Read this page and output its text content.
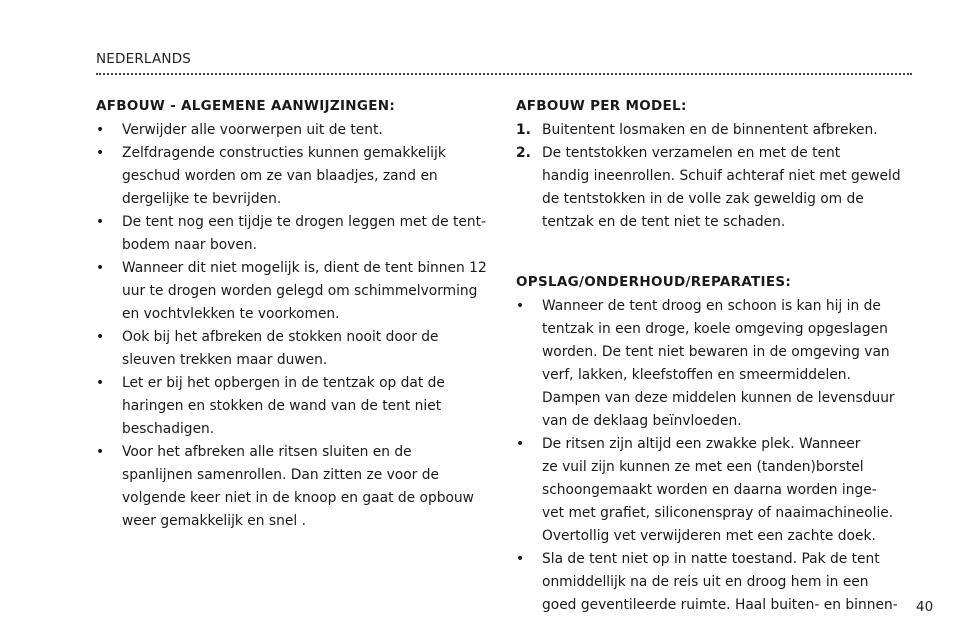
NEDERLANDS
AFBOUW - ALGEMENE AANWIJZINGEN:
• Verwijder alle voorwerpen uit de tent.
• Zelfdragende constructies kunnen gemakkelijk
geschud worden om ze van blaadjes, zand en
dergelijke te bevrijden.
• De tent nog een tijdje te drogen leggen met de tent-
bodem naar boven.
• Wanneer dit niet mogelijk is, dient de tent binnen 12
uur te drogen worden gelegd om schimmelvorming
en vochtvlekken te voorkomen.
• Ook bij het afbreken de stokken nooit door de
sleuven trekken maar duwen.
• Let er bij het opbergen in de tentzak op dat de
haringen en stokken de wand van de tent niet
beschadigen.
• Voor het afbreken alle ritsen sluiten en de
spanlijnen samenrollen. Dan zitten ze voor de
volgende keer niet in de knoop en gaat de opbouw
weer gemakkelijk en snel .
AFBOUW PER MODEL:
1. Buitentent losmaken en de binnentent afbreken.
2. De tentstokken verzamelen en met de tent
handig ineenrollen. Schuif achteraf niet met geweld
de tentstokken in de volle zak geweldig om de
tentzak en de tent niet te schaden.
OPSLAG/ONDERHOUD/REPARATIES:
• Wanneer de tent droog en schoon is kan hij in de
tentzak in een droge, koele omgeving opgeslagen
worden. De tent niet bewaren in de omgeving van
verf, lakken, kleefstoffen en smeermiddelen.
Dampen van deze middelen kunnen de levensduur
van de deklaag beïnvloeden.
• De ritsen zijn altijd een zwakke plek. Wanneer
ze vuil zijn kunnen ze met een (tanden)borstel
schoongemaakt worden en daarna worden inge-
vet met grafiet, siliconenspray of naaimachineolie.
Overtollig vet verwijderen met een zachte doek.
• Sla de tent niet op in natte toestand. Pak de tent
onmiddellijk na de reis uit en droog hem in een
goed geventileerde ruimte. Haal buiten- en binnen-	40
